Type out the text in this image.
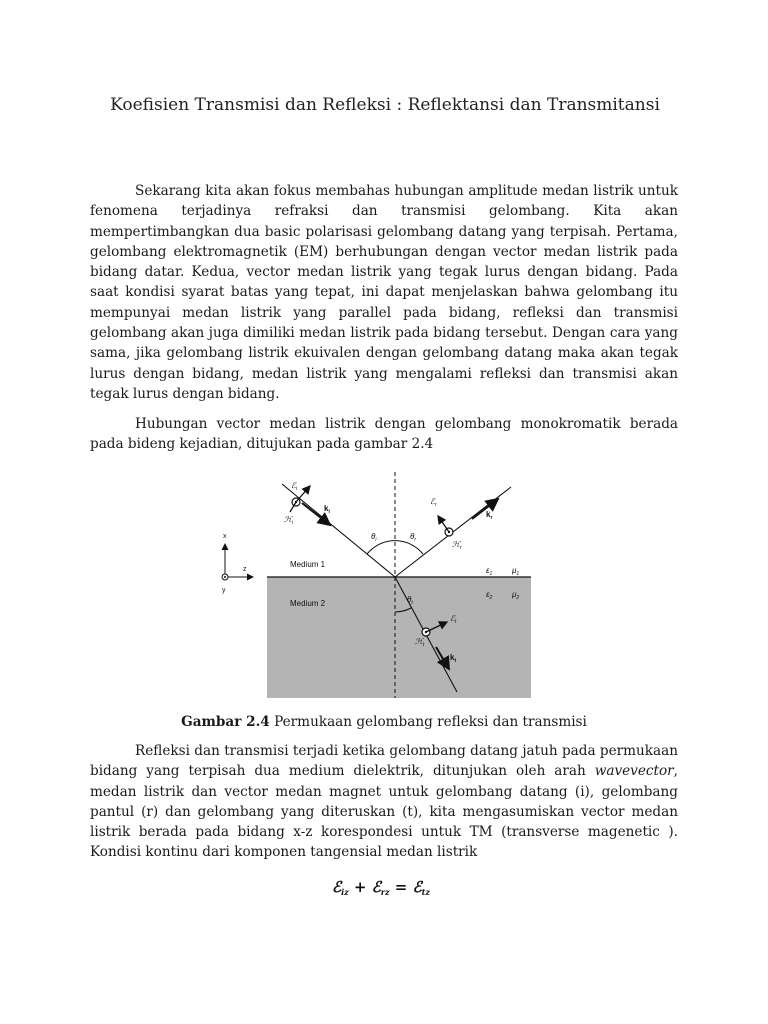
Koefisien Transmisi dan Refleksi : Reflektansi dan Transmitansi

Sekarang kita akan fokus membahas hubungan amplitude medan listrik untuk fenomena terjadinya refraksi dan transmisi gelombang. Kita akan mempertimbangkan dua basic polarisasi gelombang datang yang terpisah. Pertama, gelombang elektromagnetik (EM) berhubungan dengan vector medan listrik pada bidang datar. Kedua, vector medan listrik yang tegak lurus dengan bidang. Pada saat kondisi syarat batas yang tepat, ini dapat menjelaskan bahwa gelombang itu mempunyai medan listrik yang parallel pada bidang, refleksi dan transmisi gelombang akan juga dimiliki medan listrik pada bidang tersebut. Dengan cara yang sama, jika gelombang listrik ekuivalen dengan gelombang datang maka akan tegak lurus dengan bidang, medan listrik yang mengalami refleksi dan transmisi akan tegak lurus dengan bidang.

Hubungan vector medan listrik dengan gelombang monokromatik berada pada bideng kejadian, ditujukan pada gambar 2.4

x
z
y
Medium 1
Medium 2
$\varepsilon_1$ $\mu_1$
$\varepsilon_2$ $\mu_2$
ℰ$_i$
ℋ$_i$
$k_i$
ℰ$_r$
ℋ$_r$
$k_r$
ℰ$_t$
ℋ$_t$
$k_t$
$\theta_i$	$\theta_r$
$\theta_t$
Gambar 2.4 Permukaan gelombang refleksi dan transmisi

Refleksi dan transmisi terjadi ketika gelombang datang jatuh pada permukaan bidang yang terpisah dua medium dielektrik, ditunjukan oleh arah wavevector, medan listrik dan vector medan magnet untuk gelombang datang (i), gelombang pantul (r) dan gelombang yang diteruskan (t), kita mengasumiskan vector medan listrik berada pada bidang x-z korespondesi untuk TM (transverse magenetic ). Kondisi kontinu dari komponen tangensial medan listrik

ℰ$_{iz}$ + ℰ$_{rz}$ = ℰ$_{tz}$
